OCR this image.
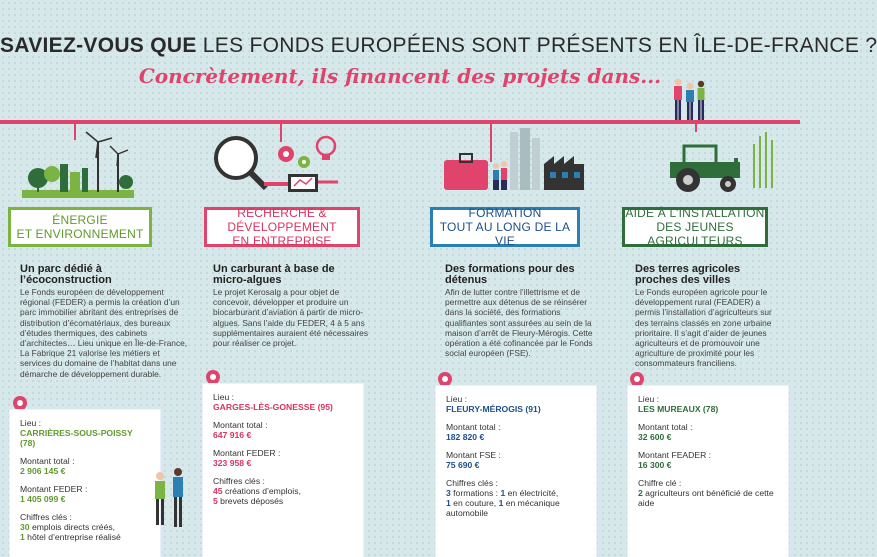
SAVIEZ-VOUS QUE LES FONDS EUROPÉENS SONT PRÉSENTS EN ÎLE-DE-FRANCE ?
Concrètement, ils financent des projets dans...
ÉNERGIE
ET ENVIRONNEMENT
RECHERCHE & DÉVELOPPEMENT
EN ENTREPRISE
FORMATION
TOUT AU LONG DE LA VIE
AIDE À L’INSTALLATION
DES JEUNES AGRICULTEURS
Un parc dédié à l’écoconstruction
Le Fonds européen de développement régional (FEDER) a permis la création d’un parc immobilier abritant des entreprises de distribution d’écomatériaux, des bureaux d’études thermiques, des cabinets d’architectes… Lieu unique en Île-de-France, La Fabrique 21 valorise les métiers et services du domaine de l’habitat dans une démarche de développement durable.
Un carburant à base de micro-algues
Le projet Kerosalg a pour objet de concevoir, développer et produire un biocarburant d’aviation à partir de micro-algues. Sans l’aide du FEDER, 4 à 5 ans supplémentaires auraient été nécessaires pour réaliser ce projet.
Des formations pour des détenus
Afin de lutter contre l’illettrisme et de permettre aux détenus de se réinsérer dans la société, des formations qualifiantes sont assurées au sein de la maison d’arrêt de Fleury-Mérogis. Cette opération a été cofinancée par le Fonds social européen (FSE).
Des terres agricoles proches des villes
Le Fonds européen agricole pour le développement rural (FEADER) a permis l’installation d’agriculteurs sur des terrains classés en zone urbaine prioritaire. Il s’agit d’aider de jeunes agriculteurs et de promouvoir une agriculture de proximité pour les consommateurs franciliens.
Lieu :
CARRIÈRES-SOUS-POISSY (78)
Montant total :
2 906 145 €
Montant FEDER :
1 405 099 €
Chiffres clés :
30 emplois directs créés,
1 hôtel d’entreprise réalisé
Lieu :
GARGES-LÈS-GONESSE (95)
Montant total :
647 916 €
Montant FEDER :
323 958 €
Chiffres clés :
45 créations d’emplois,
5 brevets déposés
Lieu :
FLEURY-MÉROGIS (91)
Montant total :
182 820 €
Montant FSE :
75 690 €
Chiffres clés :
3 formations : 1 en électricité,
1 en couture, 1 en mécanique automobile
Lieu :
LES MUREAUX (78)
Montant total :
32 600 €
Montant FEADER :
16 300 €
Chiffre clé :
2 agriculteurs ont bénéficié de cette aide
